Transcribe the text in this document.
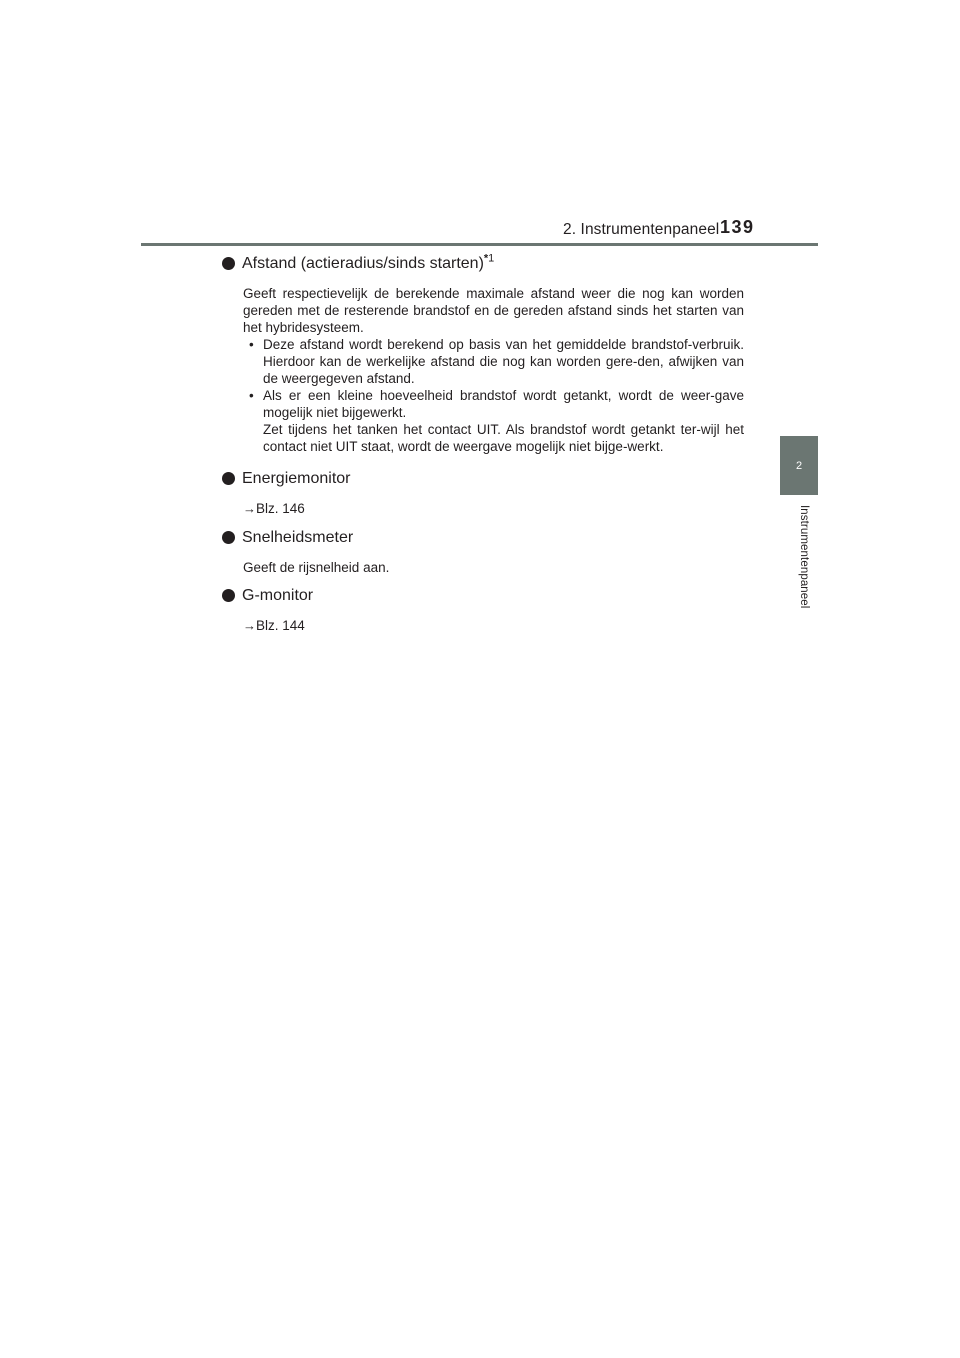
2. Instrumentenpaneel 139
2
Instrumentenpaneel
Afstand (actieradius/sinds starten)$^{*1}$
Geeft respectievelijk de berekende maximale afstand weer die nog kan worden gereden met de resterende brandstof en de gereden afstand sinds het starten van het hybridesysteem.
• Deze afstand wordt berekend op basis van het gemiddelde brandstof-verbruik. Hierdoor kan de werkelijke afstand die nog kan worden gere-den, afwijken van de weergegeven afstand.
• Als er een kleine hoeveelheid brandstof wordt getankt, wordt de weer-gave mogelijk niet bijgewerkt.
Zet tijdens het tanken het contact UIT. Als brandstof wordt getankt ter-wijl het contact niet UIT staat, wordt de weergave mogelijk niet bijge-werkt.
Energiemonitor
→Blz. 146
Snelheidsmeter
Geeft de rijsnelheid aan.
G-monitor
→Blz. 144
